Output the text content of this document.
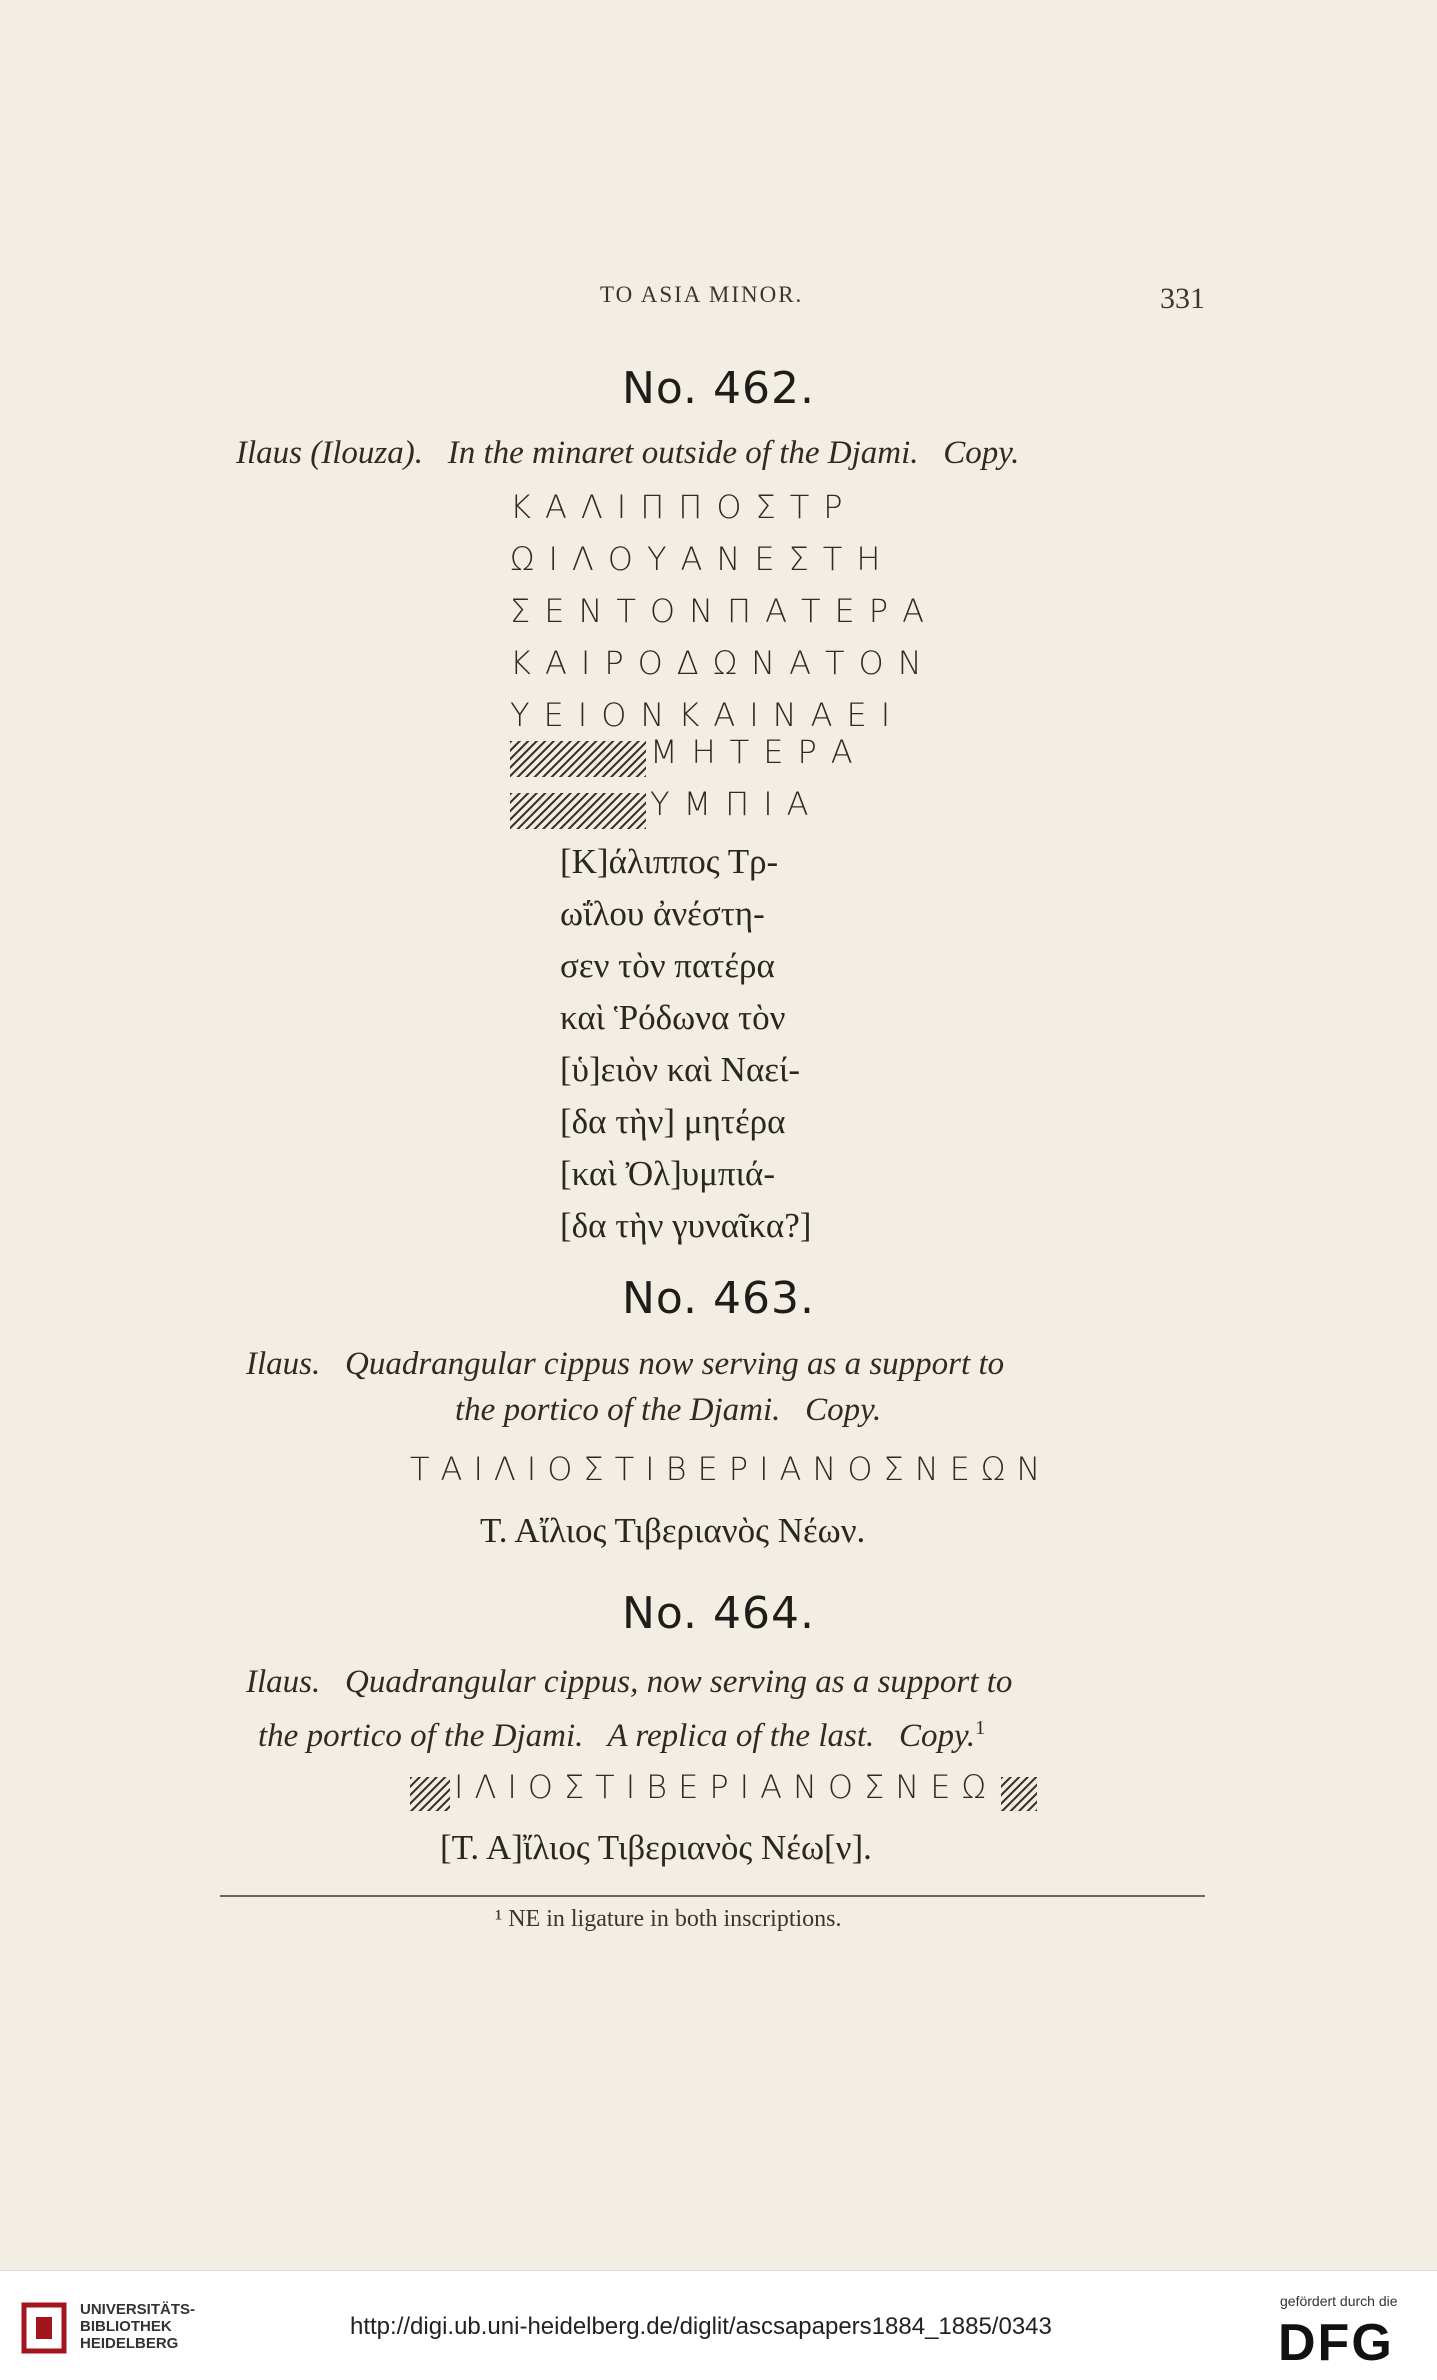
TO ASIA MINOR.	331
No. 462.
Ilaus (Ilouza).   In the minaret outside of the Djami.   Copy.
ΚΑΛΙΠΠΟΣΤΡ
ΩΙΛΟΥΑΝΕΣΤΗ
ΣΕΝΤΟΝΠΑΤΕΡΑ
ΚΑΙΡΟΔΩΝΑΤΟΝ
ΥΕΙΟΝΚΑΙΝΑΕΙ
ΜΗΤΕΡΑ
ΥΜΠΙΑ
[Κ]άλιππος Τρ-
ωΐλου ἀνέστη-
σεν τὸν πατέρα
καὶ Ῥόδωνα τὸν
[ὑ]ειὸν καὶ Ναεί-
[δα τὴν] μητέρα
[καὶ Ὀλ]υμπιά-
[δα τὴν γυναῖκα?]
No. 463.
Ilaus.   Quadrangular cippus now serving as a support to
the portico of the Djami.   Copy.
ΤΑΙΛΙΟΣΤΙΒΕΡΙΑΝΟΣΝΕΩΝ
Τ. Αἴλιος Τιβεριανὸς Νέων.
No. 464.
Ilaus.   Quadrangular cippus, now serving as a support to
the portico of the Djami.   A replica of the last.   Copy.$^1$
ΙΛΙΟΣΤΙΒΕΡΙΑΝΟΣΝΕΩ
[Τ. Α]ἴλιος Τιβεριανὸς Νέω[ν].
¹ NE in ligature in both inscriptions.
UNIVERSITÄTS-
BIBLIOTHEK
HEIDELBERG
http://digi.ub.uni-heidelberg.de/diglit/ascsapapers1884_1885/0343
gefördert durch die
DFG
